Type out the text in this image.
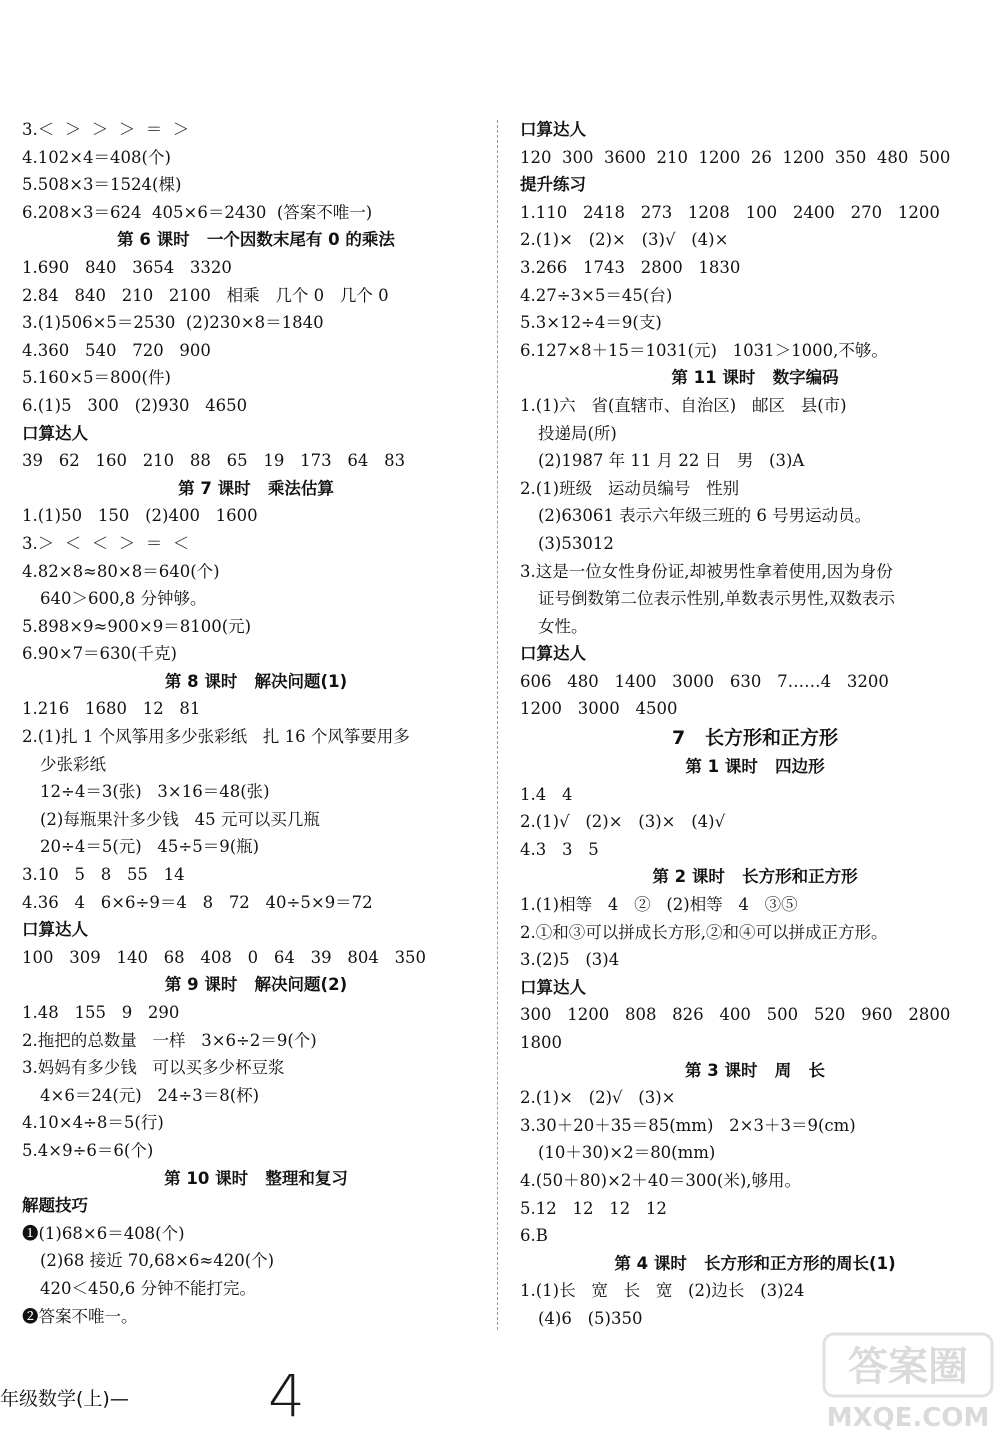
3.＜  ＞  ＞  ＞  ＝  ＞
4.102×4＝408(个)
5.508×3＝1524(棵)
6.208×3＝624  405×6＝2430  (答案不唯一)
第 6 课时   一个因数末尾有 0 的乘法
1.690   840   3654   3320
2.84   840   210   2100   相乘   几个 0   几个 0
3.(1)506×5＝2530  (2)230×8＝1840
4.360   540   720   900
5.160×5＝800(件)
6.(1)5   300   (2)930   4650
口算达人
39   62   160   210   88   65   19   173   64   83
第 7 课时   乘法估算
1.(1)50   150   (2)400   1600
3.＞  ＜  ＜  ＞  ＝  ＜
4.82×8≈80×8＝640(个)
640＞600,8 分钟够。
5.898×9≈900×9＝8100(元)
6.90×7＝630(千克)
第 8 课时   解决问题(1)
1.216   1680   12   81
2.(1)扎 1 个风筝用多少张彩纸   扎 16 个风筝要用多
少张彩纸
12÷4＝3(张)   3×16＝48(张)
(2)每瓶果汁多少钱   45 元可以买几瓶
20÷4＝5(元)   45÷5＝9(瓶)
3.10   5   8   55   14
4.36   4   6×6÷9＝4   8   72   40÷5×9＝72
口算达人
100   309   140   68   408   0   64   39   804   350
第 9 课时   解决问题(2)
1.48   155   9   290
2.拖把的总数量   一样   3×6÷2＝9(个)
3.妈妈有多少钱   可以买多少杯豆浆
4×6＝24(元)   24÷3＝8(杯)
4.10×4÷8＝5(行)
5.4×9÷6＝6(个)
第 10 课时   整理和复习
解题技巧
❶(1)68×6＝408(个)
(2)68 接近 70,68×6≈420(个)
420＜450,6 分钟不能打完。
❷答案不唯一。
口算达人
120  300  3600  210  1200  26  1200  350  480  500
提升练习
1.110   2418   273   1208   100   2400   270   1200
2.(1)×   (2)×   (3)√   (4)×
3.266   1743   2800   1830
4.27÷3×5＝45(台)
5.3×12÷4＝9(支)
6.127×8＋15＝1031(元)   1031＞1000,不够。
第 11 课时   数字编码
1.(1)六   省(直辖市、自治区)   邮区   县(市)
投递局(所)
(2)1987 年 11 月 22 日   男   (3)A
2.(1)班级   运动员编号   性别
(2)63061 表示六年级三班的 6 号男运动员。
(3)53012
3.这是一位女性身份证,却被男性拿着使用,因为身份
证号倒数第二位表示性别,单数表示男性,双数表示
女性。
口算达人
606   480   1400   3000   630   7……4   3200
1200   3000   4500
7   长方形和正方形
第 1 课时   四边形
1.4   4
2.(1)√   (2)×   (3)×   (4)√
4.3   3   5
第 2 课时   长方形和正方形
1.(1)相等   4   ②   (2)相等   4   ③⑤
2.①和③可以拼成长方形,②和④可以拼成正方形。
3.(2)5   (3)4
口算达人
300   1200   808   826   400   500   520   960   2800
1800
第 3 课时   周   长
2.(1)×   (2)√   (3)×
3.30＋20＋35＝85(mm)   2×3＋3＝9(cm)
(10＋30)×2＝80(mm)
4.(50＋80)×2＋40＝300(米),够用。
5.12   12   12   12
6.B
第 4 课时   长方形和正方形的周长(1)
1.(1)长   宽   长   宽   (2)边长   (3)24
(4)6   (5)350
年级数学(上)— 4	答案圈
MXQE.COM
